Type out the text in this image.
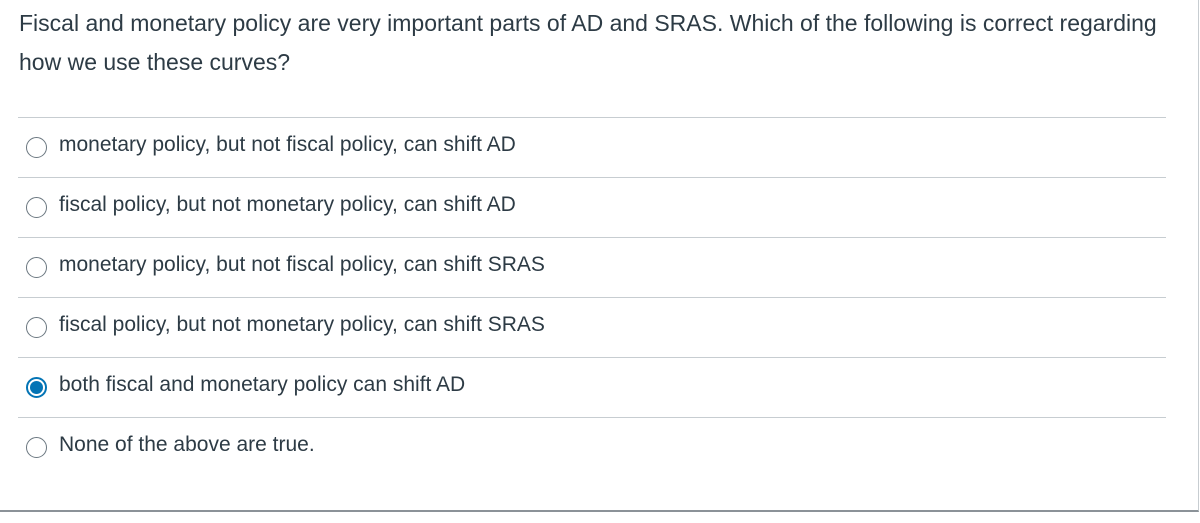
Fiscal and monetary policy are very important parts of AD and SRAS. Which of the following is correct regarding how we use these curves?

monetary policy, but not fiscal policy, can shift AD
fiscal policy, but not monetary policy, can shift AD
monetary policy, but not fiscal policy, can shift SRAS
fiscal policy, but not monetary policy, can shift SRAS
both fiscal and monetary policy can shift AD
None of the above are true.
